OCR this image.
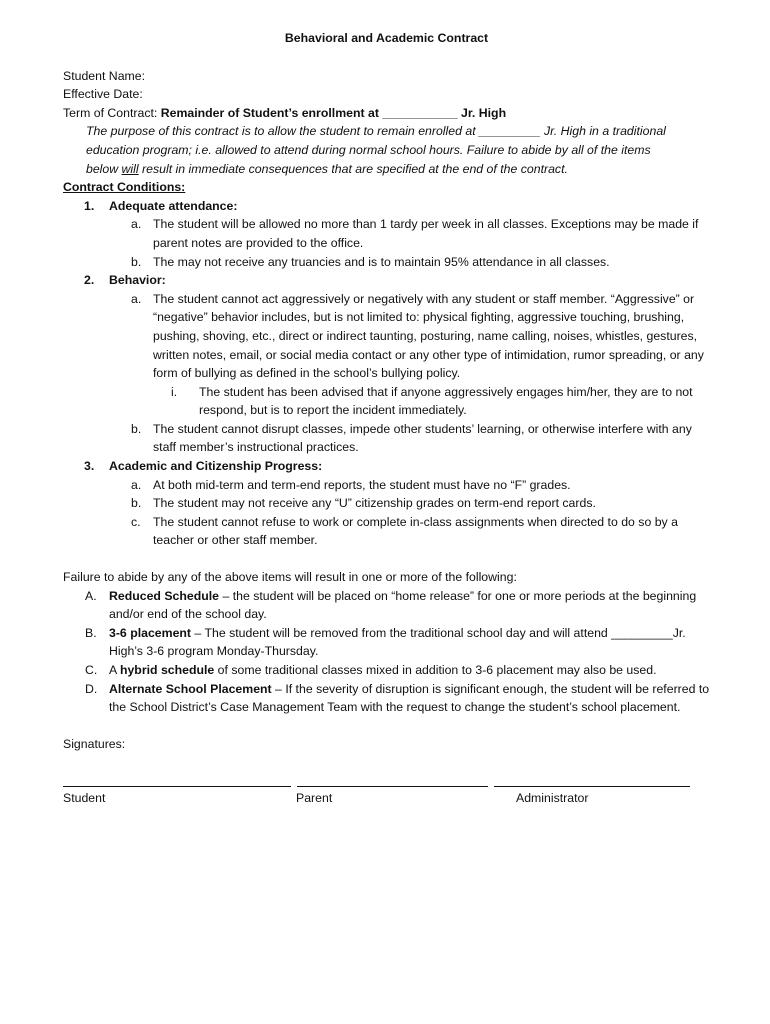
Behavioral and Academic Contract
Student Name:
Effective Date:
Term of Contract: Remainder of Student’s enrollment at ___________ Jr. High
The purpose of this contract is to allow the student to remain enrolled at _________ Jr. High in a traditional
education program; i.e. allowed to attend during normal school hours. Failure to abide by all of the items
below will result in immediate consequences that are specified at the end of the contract.
Contract Conditions:
1. Adequate attendance:
a. The student will be allowed no more than 1 tardy per week in all classes. Exceptions may be made if parent notes are provided to the office.
b. The may not receive any truancies and is to maintain 95% attendance in all classes.
2. Behavior:
a. The student cannot act aggressively or negatively with any student or staff member. “Aggressive” or “negative” behavior includes, but is not limited to: physical fighting, aggressive touching, brushing, pushing, shoving, etc., direct or indirect taunting, posturing, name calling, noises, whistles, gestures, written notes, email, or social media contact or any other type of intimidation, rumor spreading, or any form of bullying as defined in the school’s bullying policy.
i. The student has been advised that if anyone aggressively engages him/her, they are to not respond, but is to report the incident immediately.
b. The student cannot disrupt classes, impede other students’ learning, or otherwise interfere with any staff member’s instructional practices.
3. Academic and Citizenship Progress:
a. At both mid-term and term-end reports, the student must have no “F” grades.
b. The student may not receive any “U” citizenship grades on term-end report cards.
c. The student cannot refuse to work or complete in-class assignments when directed to do so by a teacher or other staff member.
Failure to abide by any of the above items will result in one or more of the following:
A. Reduced Schedule – the student will be placed on “home release” for one or more periods at the beginning and/or end of the school day.
B. 3-6 placement – The student will be removed from the traditional school day and will attend _________Jr. High’s 3-6 program Monday-Thursday.
C. A hybrid schedule of some traditional classes mixed in addition to 3-6 placement may also be used.
D. Alternate School Placement – If the severity of disruption is significant enough, the student will be referred to the School District’s Case Management Team with the request to change the student’s school placement.
Signatures:
Student	Parent	Administrator
